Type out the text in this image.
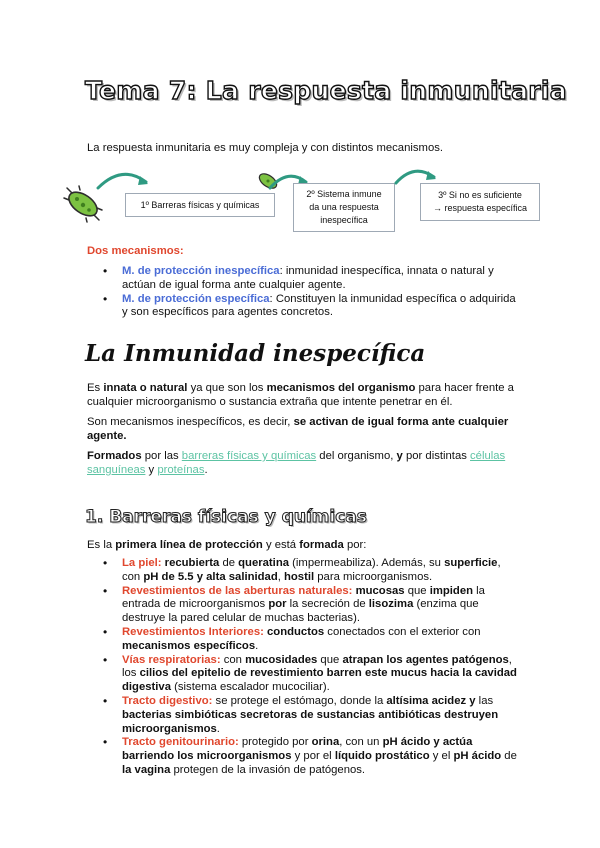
Tema 7: La respuesta inmunitaria
La respuesta inmunitaria es muy compleja y con distintos mecanismos.
1º Barreras físicas y químicas
2º Sistema inmune
da una respuesta
inespecífica
3º Si no es suficiente
→ respuesta específica
Dos mecanismos:
• M. de protección inespecífica: inmunidad inespecífica, innata o natural y actúan de igual forma ante cualquier agente.
• M. de protección específica: Constituyen la inmunidad específica o adquirida y son específicos para agentes concretos.
La Inmunidad inespecífica
Es innata o natural ya que son los mecanismos del organismo para hacer frente a cualquier microorganismo o sustancia extraña que intente penetrar en él.
Son mecanismos inespecíficos, es decir, se activan de igual forma ante cualquier agente.
Formados por las barreras físicas y químicas del organismo, y por distintas células sanguíneas y proteínas.
1. Barreras físicas y químicas
Es la primera línea de protección y está formada por:
• La piel: recubierta de queratina (impermeabiliza). Además, su superficie, con pH de 5.5 y alta salinidad, hostil para microorganismos.
• Revestimientos de las aberturas naturales: mucosas que impiden la entrada de microorganismos por la secreción de lisozima (enzima que destruye la pared celular de muchas bacterias).
• Revestimientos Interiores: conductos conectados con el exterior con mecanismos específicos.
• Vías respiratorias: con mucosidades que atrapan los agentes patógenos, los cilios del epitelio de revestimiento barren este mucus hacia la cavidad digestiva (sistema escalador mucociliar).
• Tracto digestivo: se protege el estómago, donde la altísima acidez y las bacterias simbióticas secretoras de sustancias antibióticas destruyen microorganismos.
• Tracto genitourinario: protegido por orina, con un pH ácido y actúa barriendo los microorganismos y por el líquido prostático y el pH ácido de la vagina protegen de la invasión de patógenos.
